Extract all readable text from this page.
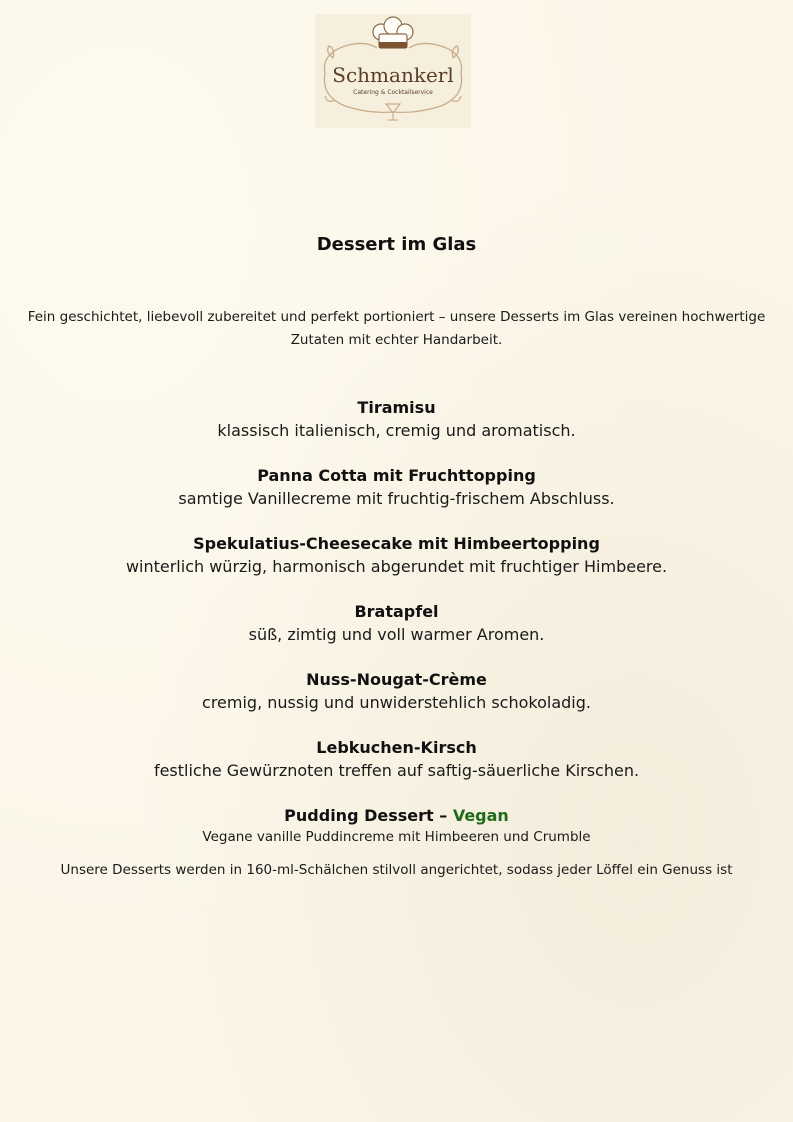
Schmankerl
Catering & Cocktailservice
Dessert im Glas
Fein geschichtet, liebevoll zubereitet und perfekt portioniert – unsere Desserts im Glas vereinen hochwertige Zutaten mit echter Handarbeit.
Tiramisu
klassisch italienisch, cremig und aromatisch.
Panna Cotta mit Fruchttopping
samtige Vanillecreme mit fruchtig-frischem Abschluss.
Spekulatius-Cheesecake mit Himbeertopping
winterlich würzig, harmonisch abgerundet mit fruchtiger Himbeere.
Bratapfel
süß, zimtig und voll warmer Aromen.
Nuss-Nougat-Crème
cremig, nussig und unwiderstehlich schokoladig.
Lebkuchen-Kirsch
festliche Gewürznoten treffen auf saftig-säuerliche Kirschen.
Pudding Dessert – Vegan
Vegane vanille Puddincreme mit Himbeeren und Crumble
Unsere Desserts werden in 160-ml-Schälchen stilvoll angerichtet, sodass jeder Löffel ein Genuss ist
